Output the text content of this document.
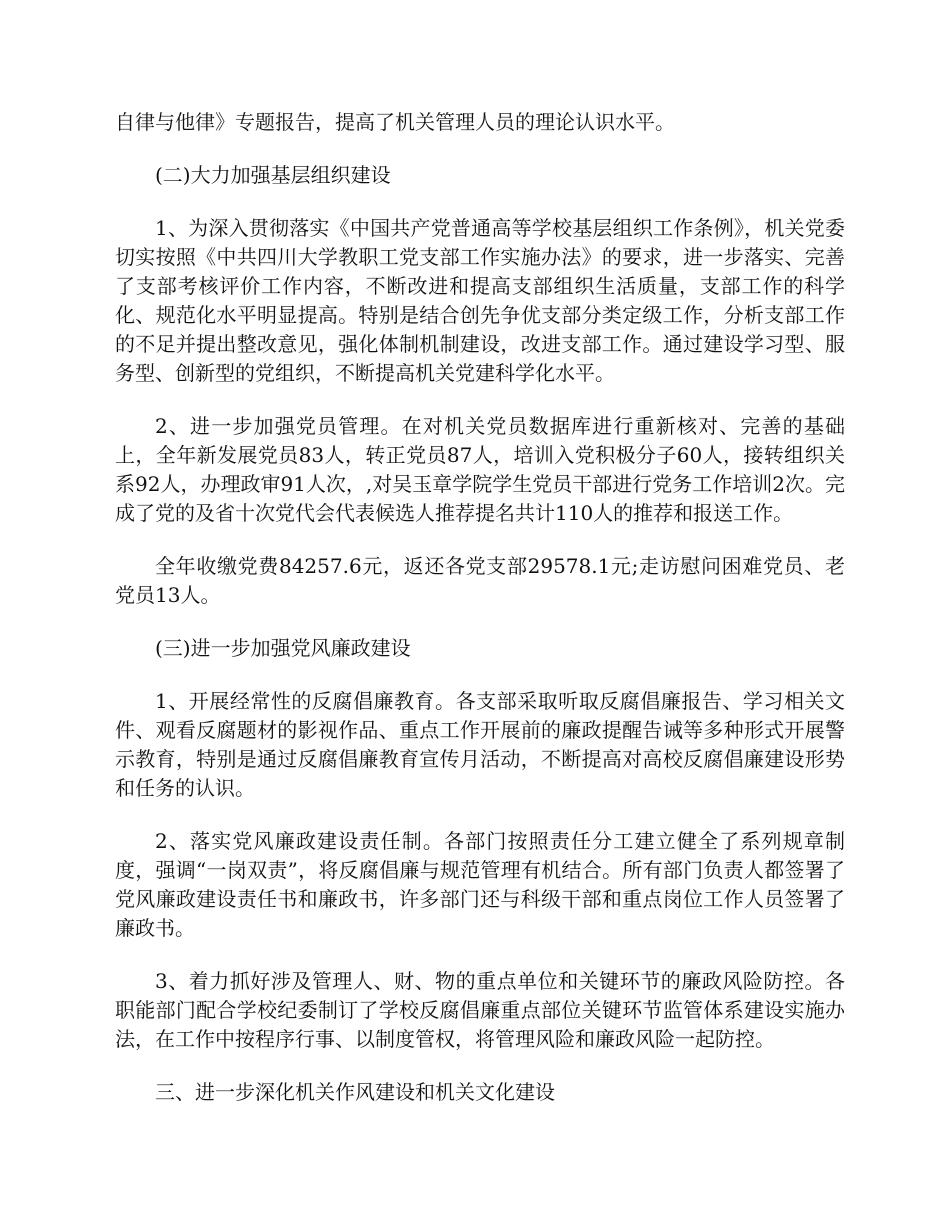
自律与他律》专题报告，提高了机关管理人员的理论认识水平。

(二)大力加强基层组织建设

1、为深入贯彻落实《中国共产党普通高等学校基层组织工作条例》，机关党委切实按照《中共四川大学教职工党支部工作实施办法》的要求，进一步落实、完善了支部考核评价工作内容，不断改进和提高支部组织生活质量，支部工作的科学化、规范化水平明显提高。特别是结合创先争优支部分类定级工作，分析支部工作的不足并提出整改意见，强化体制机制建设，改进支部工作。通过建设学习型、服务型、创新型的党组织，不断提高机关党建科学化水平。

2、进一步加强党员管理。在对机关党员数据库进行重新核对、完善的基础上，全年新发展党员83人，转正党员87人，培训入党积极分子60人，接转组织关系92人，办理政审91人次，,对吴玉章学院学生党员干部进行党务工作培训2次。完成了党的及省十次党代会代表候选人推荐提名共计110人的推荐和报送工作。

全年收缴党费84257.6元，返还各党支部29578.1元;走访慰问困难党员、老党员13人。

(三)进一步加强党风廉政建设

1、开展经常性的反腐倡廉教育。各支部采取听取反腐倡廉报告、学习相关文件、观看反腐题材的影视作品、重点工作开展前的廉政提醒告诫等多种形式开展警示教育，特别是通过反腐倡廉教育宣传月活动，不断提高对高校反腐倡廉建设形势和任务的认识。

2、落实党风廉政建设责任制。各部门按照责任分工建立健全了系列规章制度，强调“一岗双责”，将反腐倡廉与规范管理有机结合。所有部门负责人都签署了党风廉政建设责任书和廉政书，许多部门还与科级干部和重点岗位工作人员签署了廉政书。

3、着力抓好涉及管理人、财、物的重点单位和关键环节的廉政风险防控。各职能部门配合学校纪委制订了学校反腐倡廉重点部位关键环节监管体系建设实施办法，在工作中按程序行事、以制度管权，将管理风险和廉政风险一起防控。

三、进一步深化机关作风建设和机关文化建设
